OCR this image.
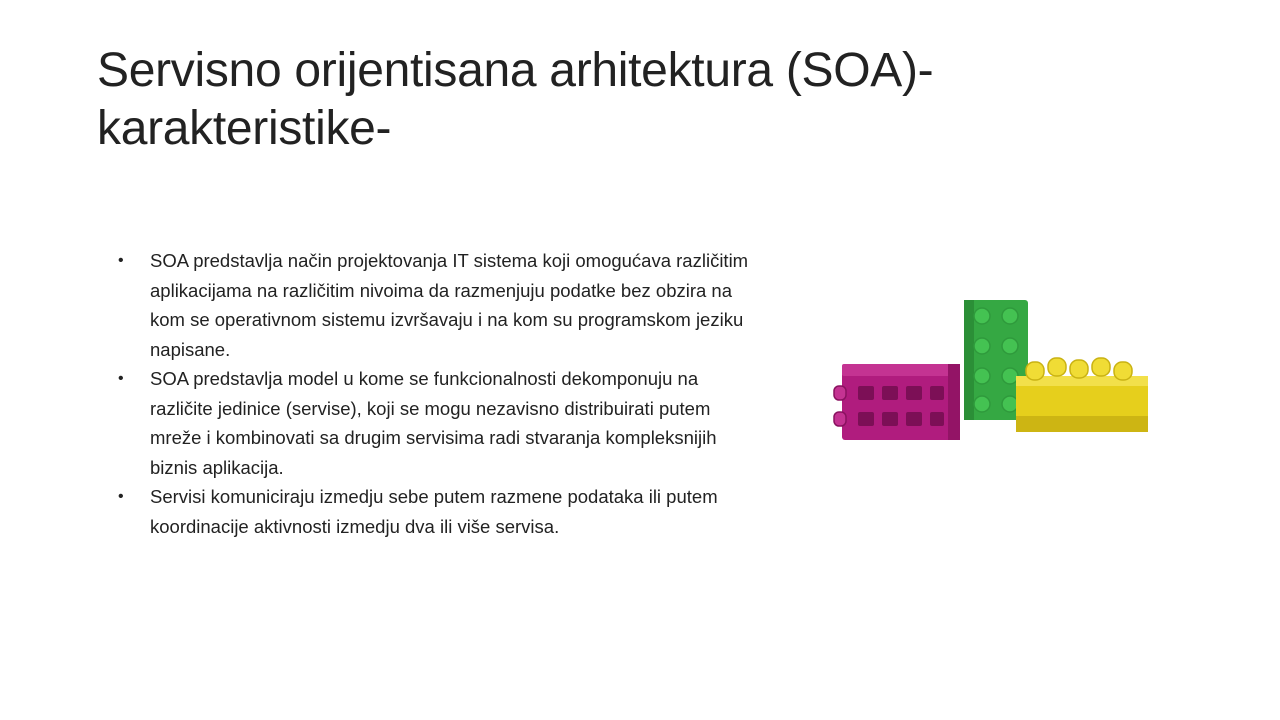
Servisno orijentisana arhitektura (SOA)-karakteristike-
• SOA predstavlja način projektovanja IT sistema koji omogućava različitim aplikacijama na različitim nivoima da razmenjuju podatke bez obzira na kom se operativnom sistemu izvršavaju i na kom su programskom jeziku napisane.
• SOA predstavlja model u kome se funkcionalnosti dekomponuju na različite jedinice (servise), koji se mogu nezavisno distribuirati putem mreže i kombinovati sa drugim servisima radi stvaranja kompleksnijih biznis aplikacija.
• Servisi komuniciraju izmedju sebe putem razmene podataka ili putem koordinacije aktivnosti izmedju dva ili više servisa.
